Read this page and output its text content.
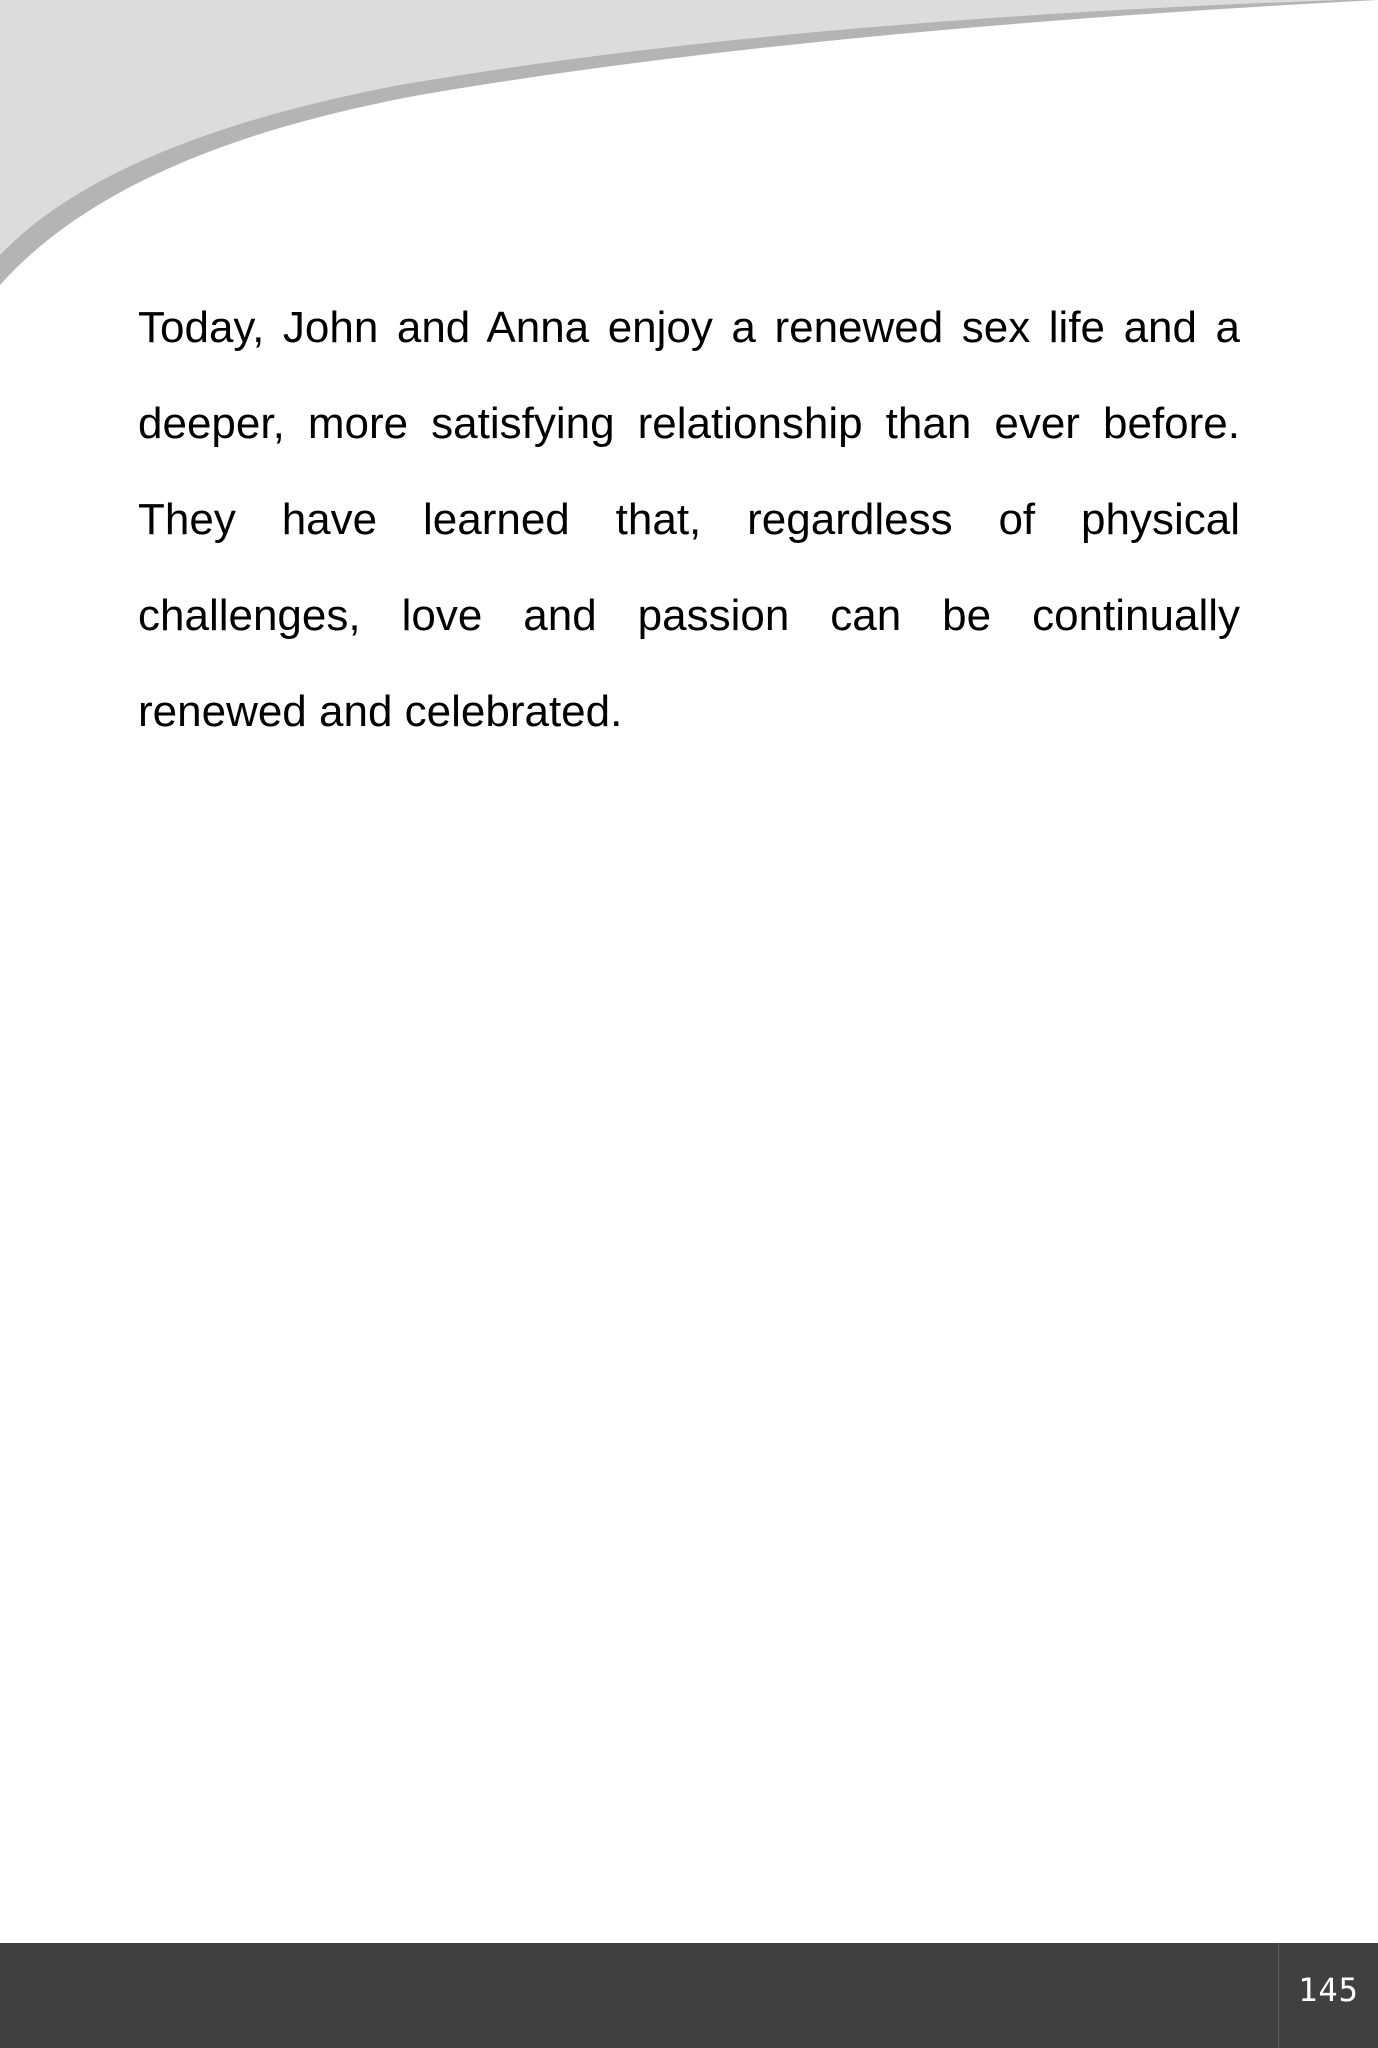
Today, John and Anna enjoy a renewed sex life and a deeper, more satisfying relationship than ever before. They have learned that, regardless of physical challenges, love and passion can be continually renewed and celebrated.

145
